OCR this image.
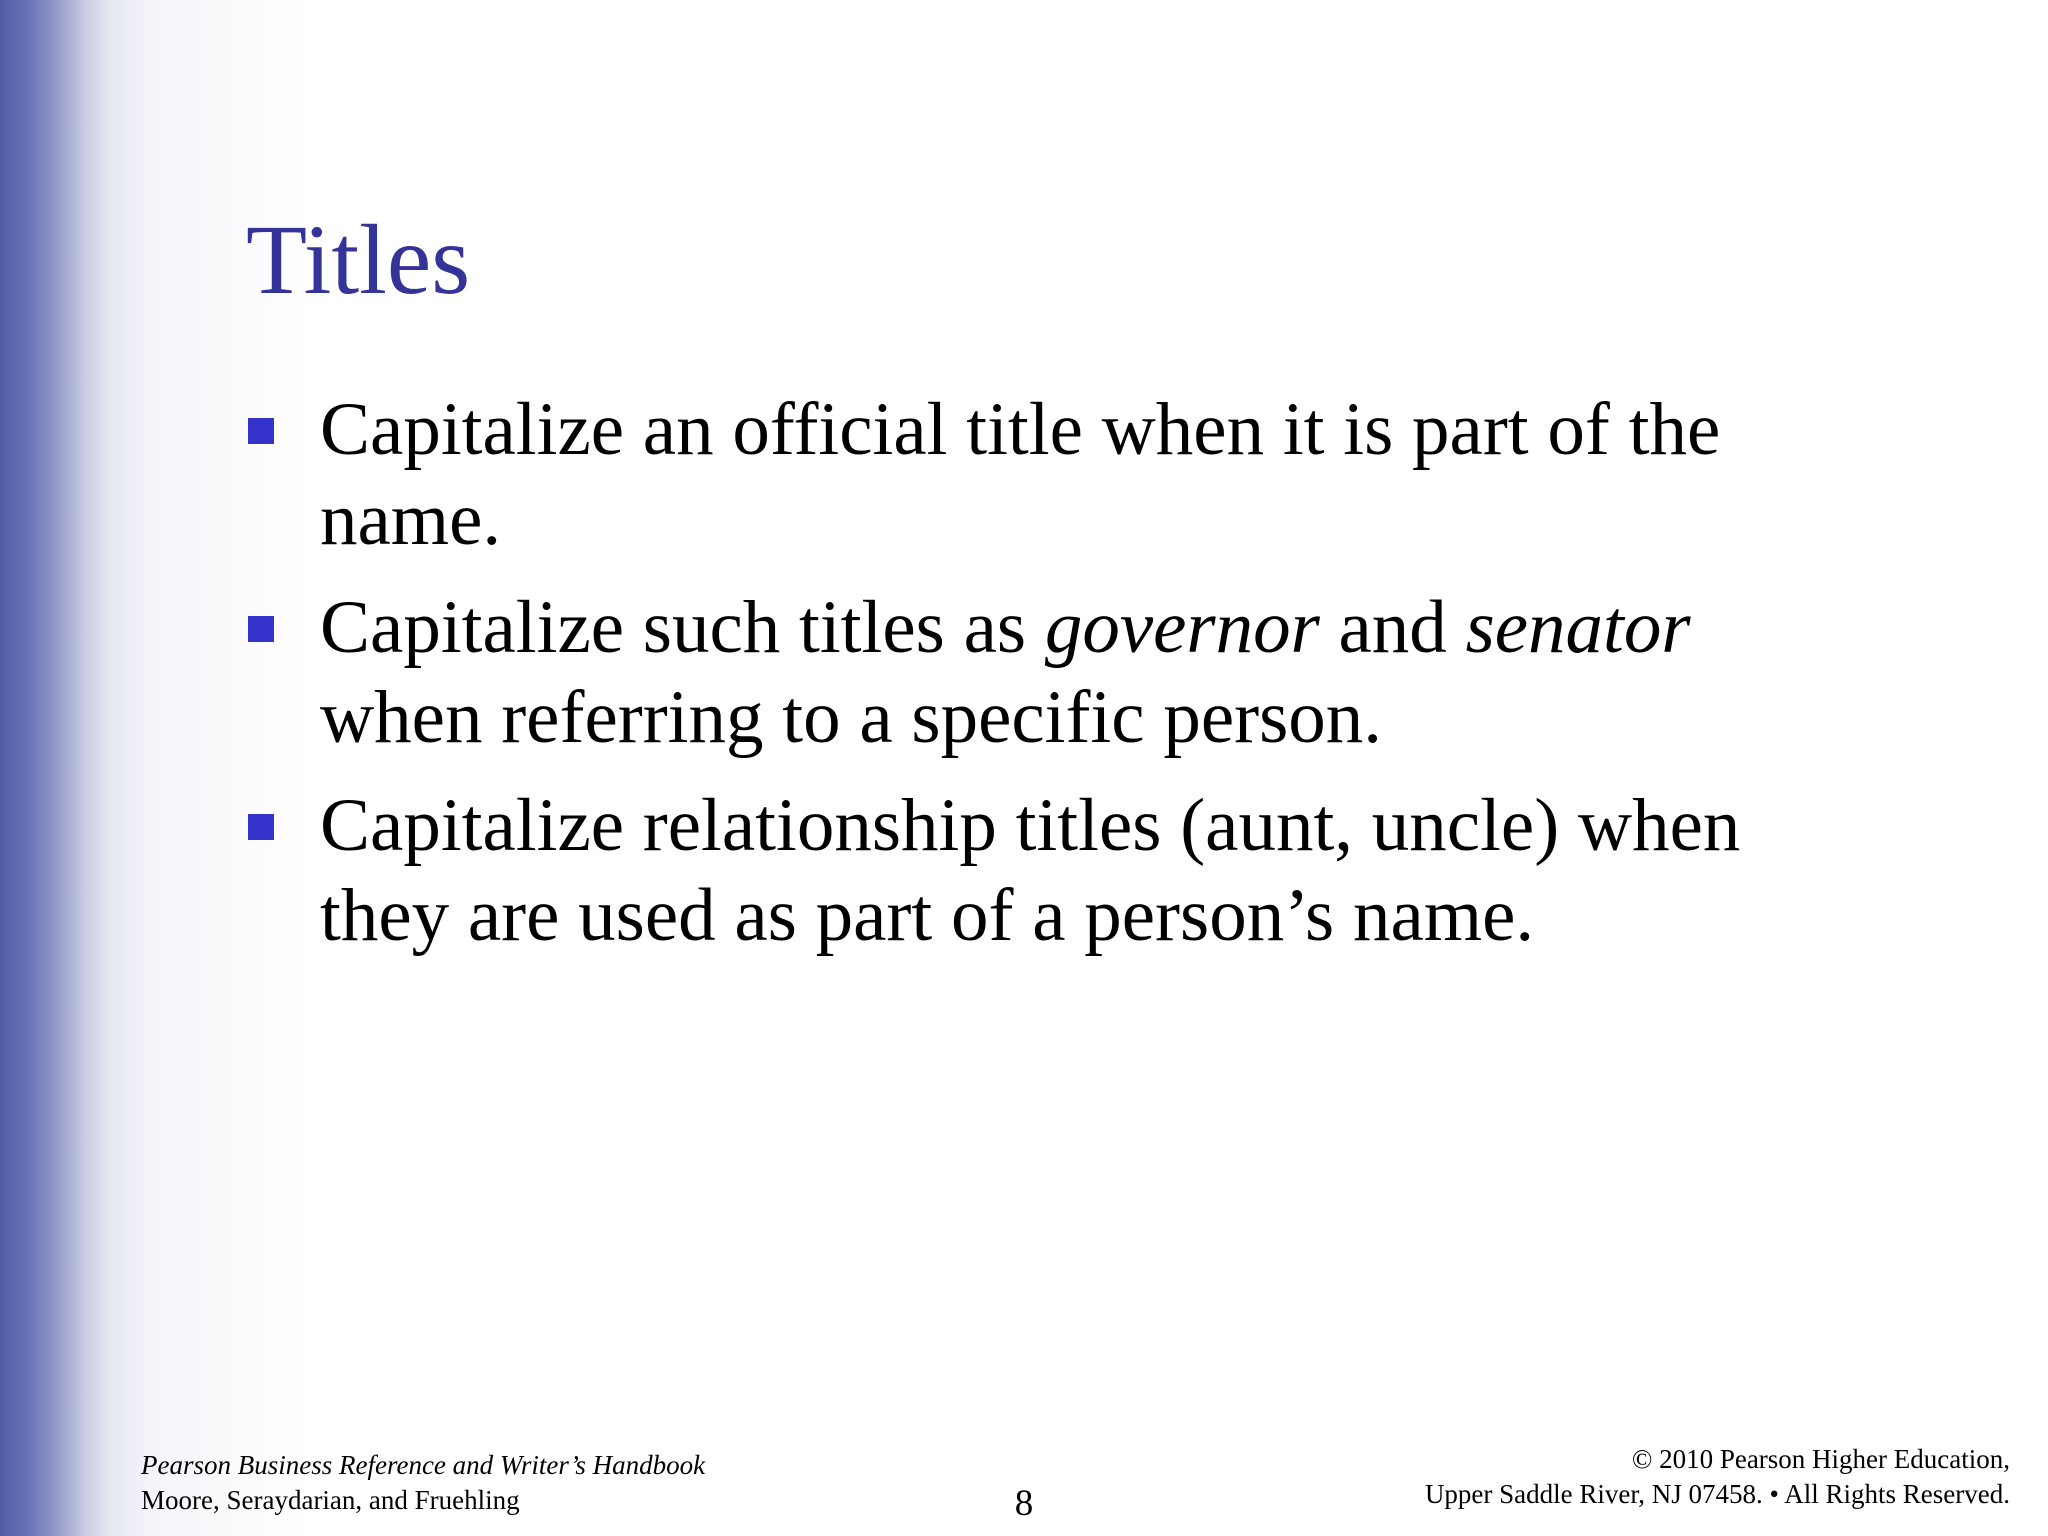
Titles
Capitalize an official title when it is part of the name.
Capitalize such titles as governor and senator when referring to a specific person.
Capitalize relationship titles (aunt, uncle) when they are used as part of a person’s name.
Pearson Business Reference and Writer’s Handbook
Moore, Seraydarian, and Fruehling	8
© 2010 Pearson Higher Education,
Upper Saddle River, NJ 07458. • All Rights Reserved.
